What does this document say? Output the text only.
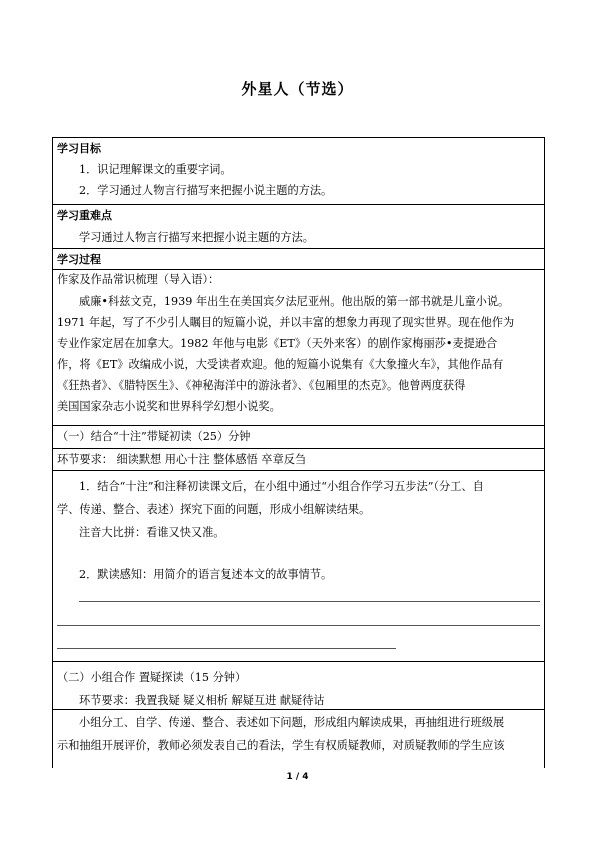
外星人（节选）
学习目标
1．识记理解课文的重要字词。
2．学习通过人物言行描写来把握小说主题的方法。
学习重难点
学习通过人物言行描写来把握小说主题的方法。
学习过程
作家及作品常识梳理（导入语）：
威廉•科兹文克，1939 年出生在美国宾夕法尼亚州。他出版的第一部书就是儿童小说。
1971 年起，写了不少引人瞩目的短篇小说，并以丰富的想象力再现了现实世界。现在他作为
专业作家定居在加拿大。1982 年他与电影《ET》（天外来客）的剧作家梅丽莎•麦提逊合
作，将《ET》改编成小说，大受读者欢迎。他的短篇小说集有《大象撞火车》，其他作品有
《狂热者》、《腊特医生》、《神秘海洋中的游泳者》、《包厢里的杰克》。他曾两度获得
美国国家杂志小说奖和世界科学幻想小说奖。
（一）结合“十注”带疑初读（25）分钟
环节要求： 细读默想 用心十注 整体感悟 卒章反刍
1．结合“十注”和注释初读课文后，在小组中通过“小组合作学习五步法”（分工、自
学、传递、整合、表述）探究下面的问题，形成小组解读结果。
注音大比拼：看谁又快又准。
2．默读感知：用简介的语言复述本文的故事情节。
（二）小组合作 置疑探读（15 分钟）
环节要求：我置我疑 疑义相析 解疑互进 献疑待诂
小组分工、自学、传递、整合、表述如下问题，形成组内解读成果，再抽组进行班级展
示和抽组开展评价，教师必须发表自己的看法，学生有权质疑教师，对质疑教师的学生应该
1 / 4
